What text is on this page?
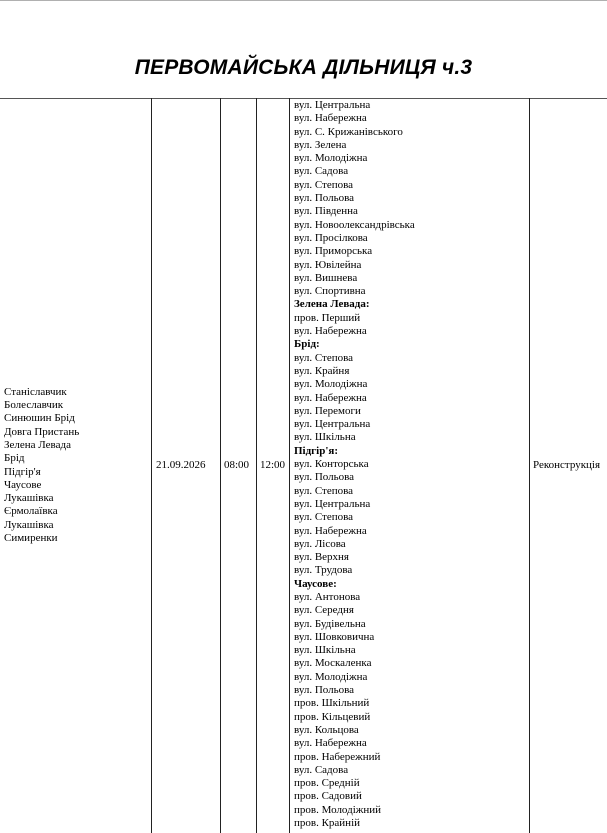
ПЕРВОМАЙСЬКА ДІЛЬНИЦЯ ч.3
Станіславчик
Болеславчик
Синюшин Брід
Довга Пристань
Зелена Левада
Брід
Підгір'я
Чаусове
Лукашівка
Єрмолаївка
Лукашівка
Симиренки
21.09.2026 08:00 12:00
вул. Центральна
вул. Набережна
вул. С. Крижанівського
вул. Зелена
вул. Молодіжна
вул. Садова
вул. Степова
вул. Польова
вул. Південна
вул. Новоолександрівська
вул. Просілкова
вул. Приморська
вул. Ювілейна
вул. Вишнева
вул. Спортивна
Зелена Левада:
пров. Перший
вул. Набережна
Брід:
вул. Степова
вул. Крайня
вул. Молодіжна
вул. Набережна
вул. Перемоги
вул. Центральна
вул. Шкільна
Підгір'я:
вул. Конторська
вул. Польова
вул. Степова
вул. Центральна
вул. Степова
вул. Набережна
вул. Лісова
вул. Верхня
вул. Трудова
Чаусове:
вул. Антонова
вул. Середня
вул. Будівельна
вул. Шовковична
вул. Шкільна
вул. Москаленка
вул. Молодіжна
вул. Польова
пров. Шкільний
пров. Кільцевий
вул. Кольцова
вул. Набережна
пров. Набережний
вул. Садова
пров. Средній
пров. Садовий
пров. Молодіжний
пров. Крайній
Реконструкція
